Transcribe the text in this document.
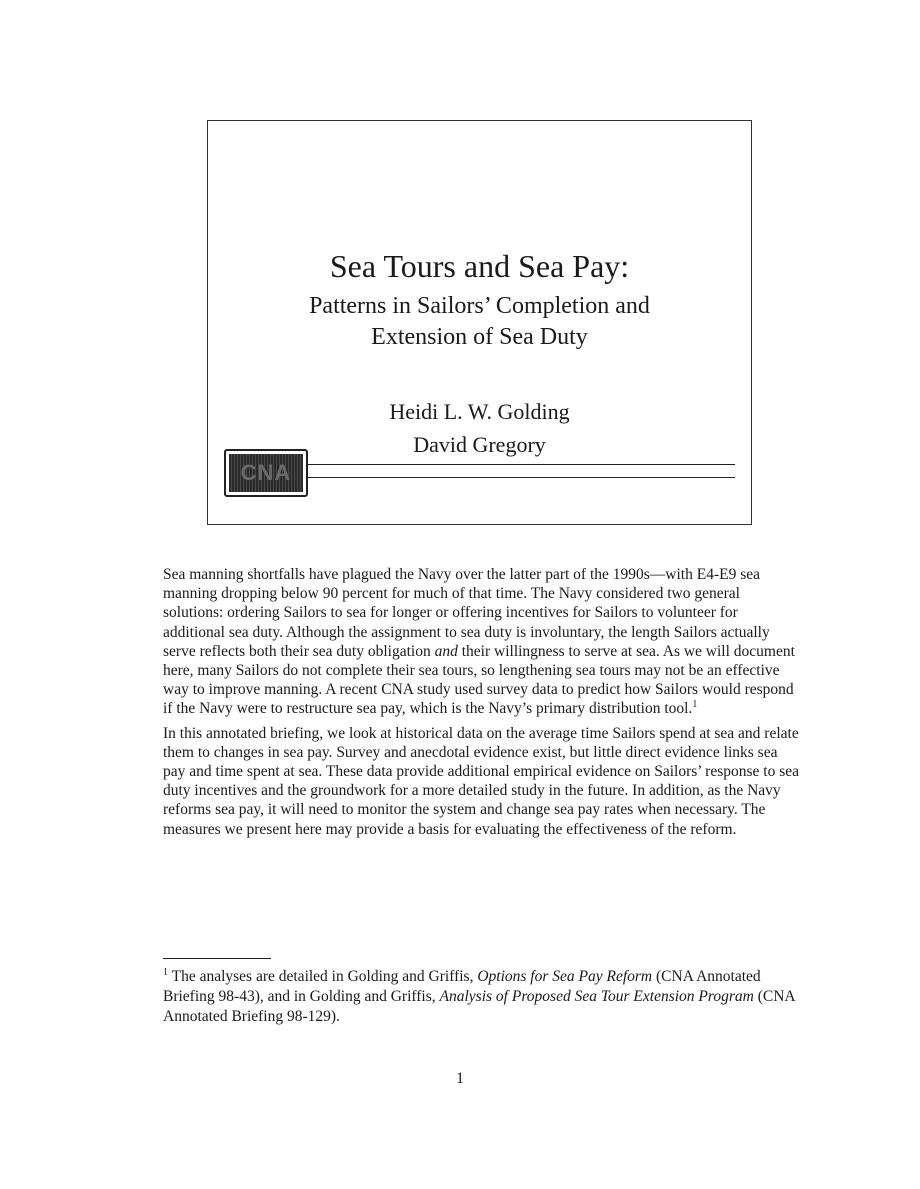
Sea Tours and Sea Pay:
Patterns in Sailors’ Completion and
Extension of Sea Duty
Heidi L. W. Golding
David Gregory
CNA

Sea manning shortfalls have plagued the Navy over the latter part of the 1990s—with E4-E9 sea manning dropping below 90 percent for much of that time. The Navy considered two general solutions: ordering Sailors to sea for longer or offering incentives for Sailors to volunteer for additional sea duty. Although the assignment to sea duty is involuntary, the length Sailors actually serve reflects both their sea duty obligation and their willingness to serve at sea. As we will document here, many Sailors do not complete their sea tours, so lengthening sea tours may not be an effective way to improve manning. A recent CNA study used survey data to predict how Sailors would respond if the Navy were to restructure sea pay, which is the Navy’s primary distribution tool.$^1$

In this annotated briefing, we look at historical data on the average time Sailors spend at sea and relate them to changes in sea pay. Survey and anecdotal evidence exist, but little direct evidence links sea pay and time spent at sea. These data provide additional empirical evidence on Sailors’ response to sea duty incentives and the groundwork for a more detailed study in the future. In addition, as the Navy reforms sea pay, it will need to monitor the system and change sea pay rates when necessary. The measures we present here may provide a basis for evaluating the effectiveness of the reform.

$^1$ The analyses are detailed in Golding and Griffis, Options for Sea Pay Reform (CNA Annotated Briefing 98-43), and in Golding and Griffis, Analysis of Proposed Sea Tour Extension Program (CNA Annotated Briefing 98-129).

1
